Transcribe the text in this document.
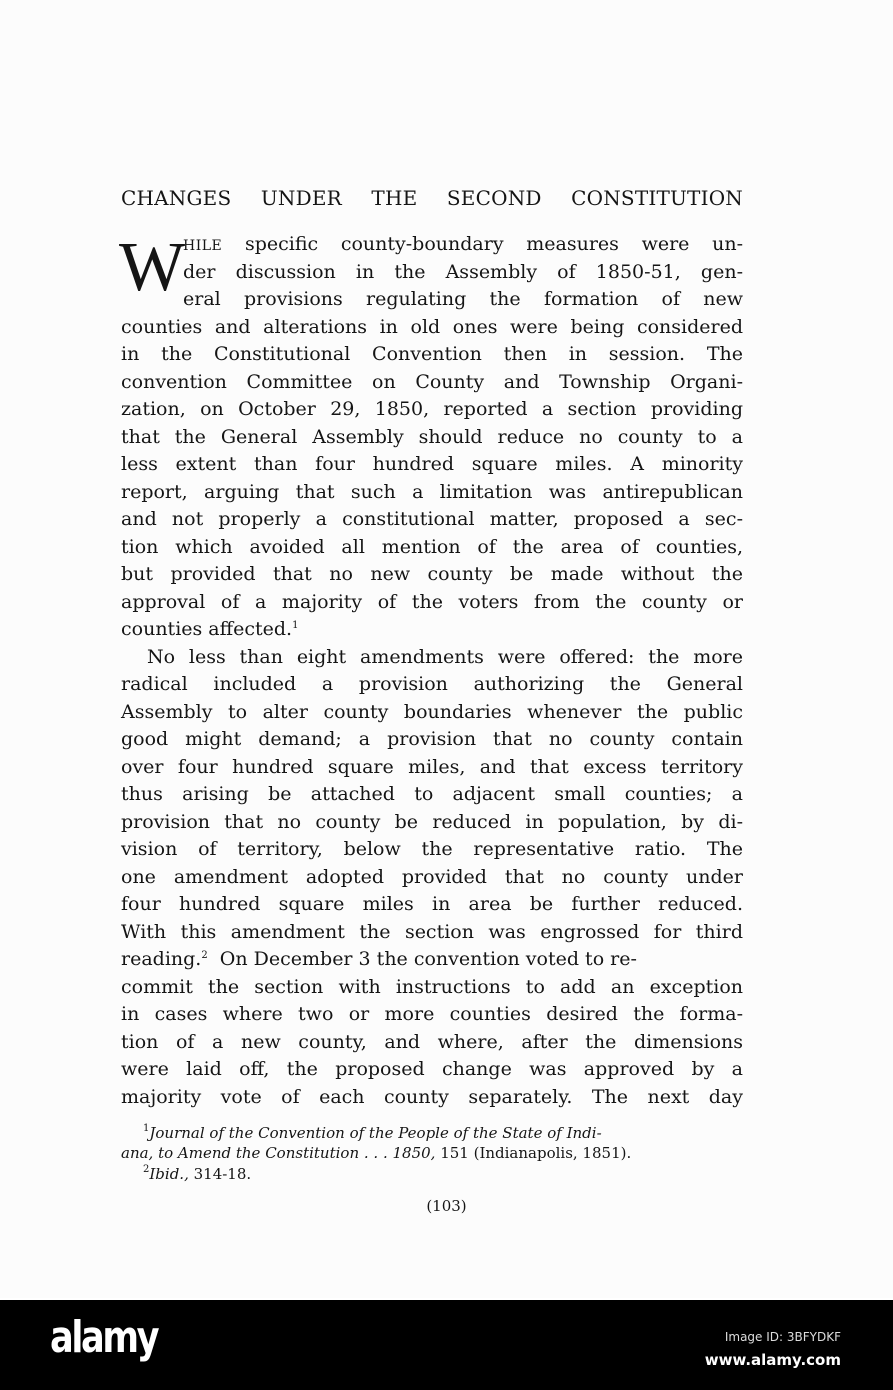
CHANGES UNDER THE SECOND CONSTITUTION
W
HILE specific county-boundary measures were un-
der discussion in the Assembly of 1850-51, gen-
eral provisions regulating the formation of new
counties and alterations in old ones were being considered
in the Constitutional Convention then in session. The
convention Committee on County and Township Organi-
zation, on October 29, 1850, reported a section providing
that the General Assembly should reduce no county to a
less extent than four hundred square miles. A minority
report, arguing that such a limitation was antirepublican
and not properly a constitutional matter, proposed a sec-
tion which avoided all mention of the area of counties,
but provided that no new county be made without the
approval of a majority of the voters from the county or
counties affected.$^1$
No less than eight amendments were offered: the more
radical included a provision authorizing the General
Assembly to alter county boundaries whenever the public
good might demand; a provision that no county contain
over four hundred square miles, and that excess territory
thus arising be attached to adjacent small counties; a
provision that no county be reduced in population, by di-
vision of territory, below the representative ratio. The
one amendment adopted provided that no county under
four hundred square miles in area be further reduced.
With this amendment the section was engrossed for third
reading.$^2$  On December 3 the convention voted to re-
commit the section with instructions to add an exception
in cases where two or more counties desired the forma-
tion of a new county, and where, after the dimensions
were laid off, the proposed change was approved by a
majority vote of each county separately. The next day
$^1$Journal of the Convention of the People of the State of Indi-
ana, to Amend the Constitution . . . 1850, 151 (Indianapolis, 1851).
$^2$Ibid., 314-18.
(103)
alamy	Image ID: 3BFYDKF
www.alamy.com
